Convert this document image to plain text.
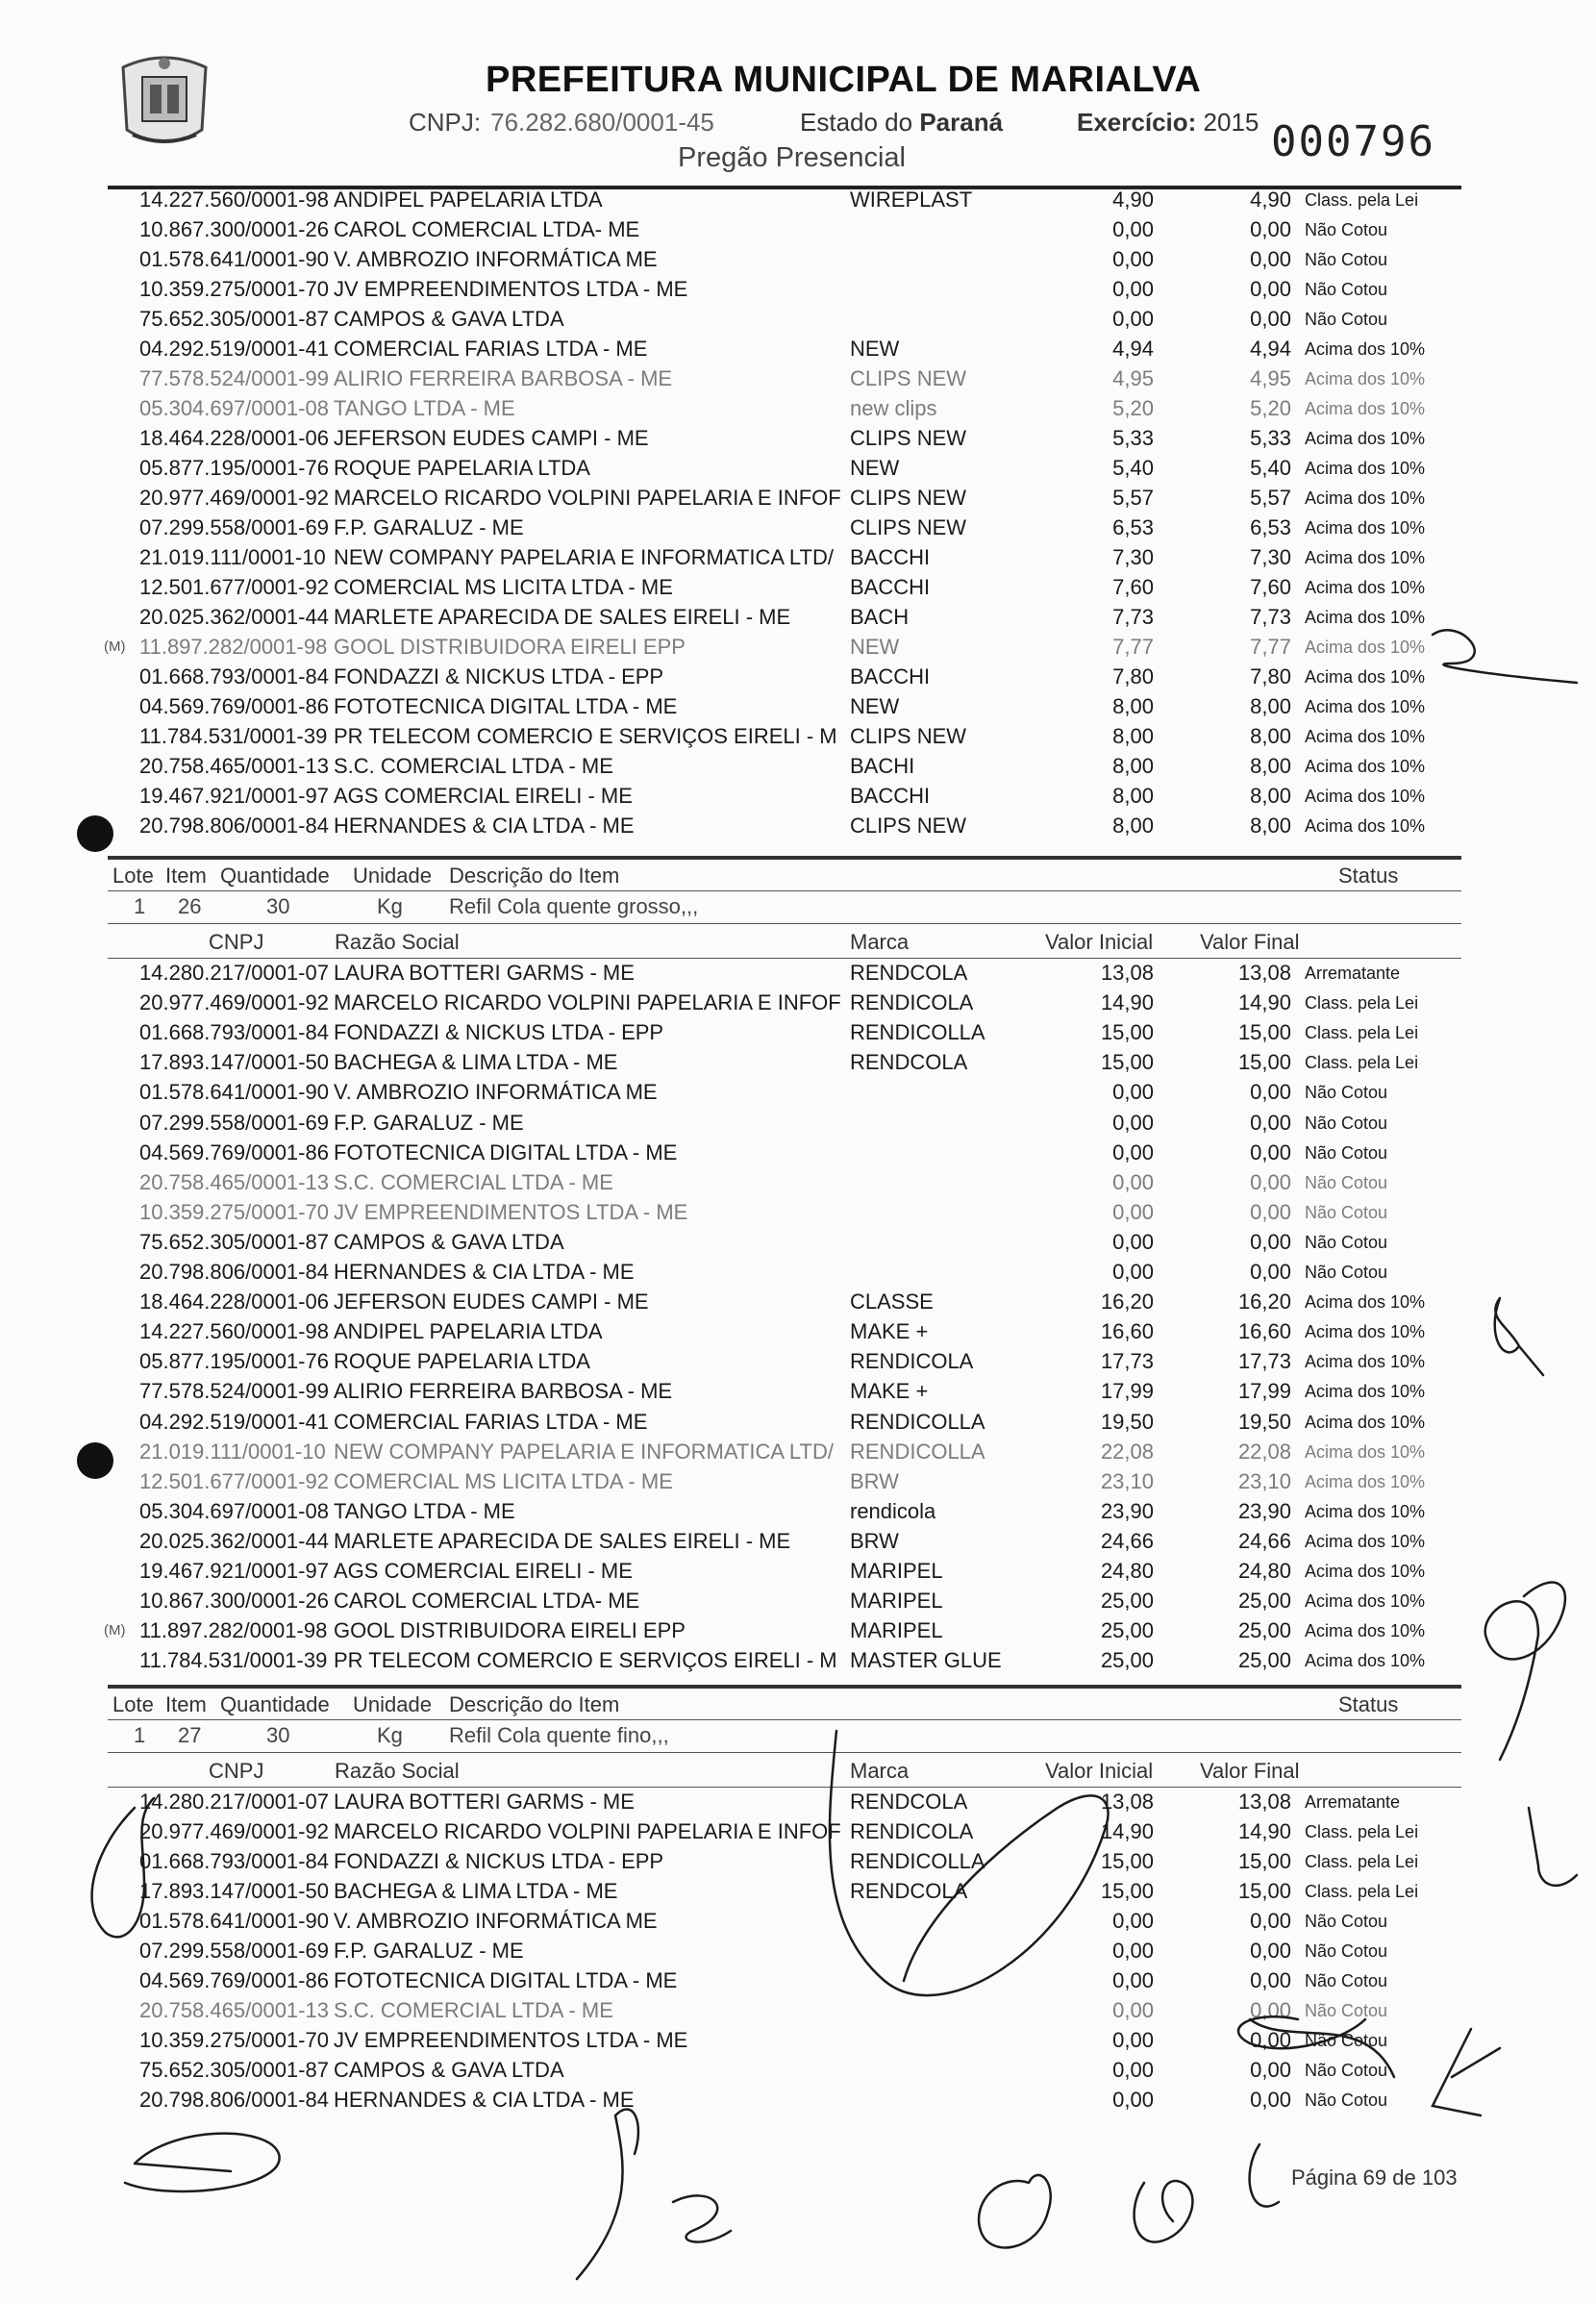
PREFEITURA MUNICIPAL DE MARIALVA
CNPJ: 76.282.680/0001-45	Estado do Paraná	Exercício: 2015 000796
Pregão Presencial
14.227.560/0001-98 ANDIPEL PAPELARIA LTDA	WIREPLAST	4,90	4,90 Class. pela Lei
10.867.300/0001-26 CAROL COMERCIAL LTDA- ME	0,00	0,00 Não Cotou
01.578.641/0001-90 V. AMBROZIO INFORMÁTICA ME	0,00	0,00 Não Cotou
10.359.275/0001-70 JV EMPREENDIMENTOS LTDA - ME	0,00	0,00 Não Cotou
75.652.305/0001-87 CAMPOS & GAVA LTDA	0,00	0,00 Não Cotou
04.292.519/0001-41 COMERCIAL FARIAS LTDA - ME	NEW	4,94	4,94 Acima dos 10%
77.578.524/0001-99 ALIRIO FERREIRA BARBOSA - ME	CLIPS NEW	4,95	4,95 Acima dos 10%
05.304.697/0001-08 TANGO LTDA - ME	new clips	5,20	5,20 Acima dos 10%
18.464.228/0001-06 JEFERSON EUDES CAMPI - ME	CLIPS NEW	5,33	5,33 Acima dos 10%
05.877.195/0001-76 ROQUE PAPELARIA LTDA	NEW	5,40	5,40 Acima dos 10%
20.977.469/0001-92 MARCELO RICARDO VOLPINI PAPELARIA E INFOF CLIPS NEW	5,57	5,57 Acima dos 10%
07.299.558/0001-69 F.P. GARALUZ - ME	CLIPS NEW	6,53	6,53 Acima dos 10%
21.019.111/0001-10 NEW COMPANY PAPELARIA E INFORMATICA LTD/ BACCHI	7,30	7,30 Acima dos 10%
12.501.677/0001-92 COMERCIAL MS LICITA LTDA - ME	BACCHI	7,60	7,60 Acima dos 10%
20.025.362/0001-44 MARLETE APARECIDA DE SALES EIRELI - ME	BACH	7,73	7,73 Acima dos 10%
(M) 11.897.282/0001-98 GOOL DISTRIBUIDORA EIRELI EPP	NEW	7,77	7,77 Acima dos 10%
01.668.793/0001-84 FONDAZZI & NICKUS LTDA - EPP	BACCHI	7,80	7,80 Acima dos 10%
04.569.769/0001-86 FOTOTECNICA DIGITAL LTDA - ME	NEW	8,00	8,00 Acima dos 10%
11.784.531/0001-39 PR TELECOM COMERCIO E SERVIÇOS EIRELI - M CLIPS NEW	8,00	8,00 Acima dos 10%
20.758.465/0001-13 S.C. COMERCIAL LTDA - ME	BACHI	8,00	8,00 Acima dos 10%
19.467.921/0001-97 AGS COMERCIAL EIRELI - ME	BACCHI	8,00	8,00 Acima dos 10%
20.798.806/0001-84 HERNANDES & CIA LTDA - ME	CLIPS NEW	8,00	8,00 Acima dos 10%
Lote Item Quantidade Unidade Descrição do Item	Status
1 26	30	Kg Refil Cola quente grosso,,,
CNPJ	Razão Social	Marca	Valor Inicial Valor Final
14.280.217/0001-07 LAURA BOTTERI GARMS - ME	RENDCOLA	13,08	13,08 Arrematante
20.977.469/0001-92 MARCELO RICARDO VOLPINI PAPELARIA E INFOF RENDICOLA	14,90	14,90 Class. pela Lei
01.668.793/0001-84 FONDAZZI & NICKUS LTDA - EPP	RENDICOLLA	15,00	15,00 Class. pela Lei
17.893.147/0001-50 BACHEGA & LIMA LTDA - ME	RENDCOLA	15,00	15,00 Class. pela Lei
01.578.641/0001-90 V. AMBROZIO INFORMÁTICA ME	0,00	0,00 Não Cotou
07.299.558/0001-69 F.P. GARALUZ - ME	0,00	0,00 Não Cotou
04.569.769/0001-86 FOTOTECNICA DIGITAL LTDA - ME	0,00	0,00 Não Cotou
20.758.465/0001-13 S.C. COMERCIAL LTDA - ME	0,00	0,00 Não Cotou
10.359.275/0001-70 JV EMPREENDIMENTOS LTDA - ME	0,00	0,00 Não Cotou
75.652.305/0001-87 CAMPOS & GAVA LTDA	0,00	0,00 Não Cotou
20.798.806/0001-84 HERNANDES & CIA LTDA - ME	0,00	0,00 Não Cotou
18.464.228/0001-06 JEFERSON EUDES CAMPI - ME	CLASSE	16,20	16,20 Acima dos 10%
14.227.560/0001-98 ANDIPEL PAPELARIA LTDA	MAKE +	16,60	16,60 Acima dos 10%
05.877.195/0001-76 ROQUE PAPELARIA LTDA	RENDICOLA	17,73	17,73 Acima dos 10%
77.578.524/0001-99 ALIRIO FERREIRA BARBOSA - ME	MAKE +	17,99	17,99 Acima dos 10%
04.292.519/0001-41 COMERCIAL FARIAS LTDA - ME	RENDICOLLA	19,50	19,50 Acima dos 10%
21.019.111/0001-10 NEW COMPANY PAPELARIA E INFORMATICA LTD/ RENDICOLLA	22,08	22,08 Acima dos 10%
12.501.677/0001-92 COMERCIAL MS LICITA LTDA - ME	BRW	23,10	23,10 Acima dos 10%
05.304.697/0001-08 TANGO LTDA - ME	rendicola	23,90	23,90 Acima dos 10%
20.025.362/0001-44 MARLETE APARECIDA DE SALES EIRELI - ME	BRW	24,66	24,66 Acima dos 10%
19.467.921/0001-97 AGS COMERCIAL EIRELI - ME	MARIPEL	24,80	24,80 Acima dos 10%
10.867.300/0001-26 CAROL COMERCIAL LTDA- ME	MARIPEL	25,00	25,00 Acima dos 10%
(M) 11.897.282/0001-98 GOOL DISTRIBUIDORA EIRELI EPP	MARIPEL	25,00	25,00 Acima dos 10%
11.784.531/0001-39 PR TELECOM COMERCIO E SERVIÇOS EIRELI - M MASTER GLUE	25,00	25,00 Acima dos 10%
Lote Item Quantidade Unidade Descrição do Item	Status
1 27	30	Kg Refil Cola quente fino,,,
CNPJ	Razão Social	Marca	Valor Inicial Valor Final
14.280.217/0001-07 LAURA BOTTERI GARMS - ME	RENDCOLA	13,08	13,08 Arrematante
20.977.469/0001-92 MARCELO RICARDO VOLPINI PAPELARIA E INFOF RENDICOLA	14,90	14,90 Class. pela Lei
01.668.793/0001-84 FONDAZZI & NICKUS LTDA - EPP	RENDICOLLA	15,00	15,00 Class. pela Lei
17.893.147/0001-50 BACHEGA & LIMA LTDA - ME	RENDCOLA	15,00	15,00 Class. pela Lei
01.578.641/0001-90 V. AMBROZIO INFORMÁTICA ME	0,00	0,00 Não Cotou
07.299.558/0001-69 F.P. GARALUZ - ME	0,00	0,00 Não Cotou
04.569.769/0001-86 FOTOTECNICA DIGITAL LTDA - ME	0,00	0,00 Não Cotou
20.758.465/0001-13 S.C. COMERCIAL LTDA - ME	0,00	0,00 Não Cotou
10.359.275/0001-70 JV EMPREENDIMENTOS LTDA - ME	0,00	0,00 Não Cotou
75.652.305/0001-87 CAMPOS & GAVA LTDA	0,00	0,00 Não Cotou
20.798.806/0001-84 HERNANDES & CIA LTDA - ME	0,00	0,00 Não Cotou
Página 69 de 103
